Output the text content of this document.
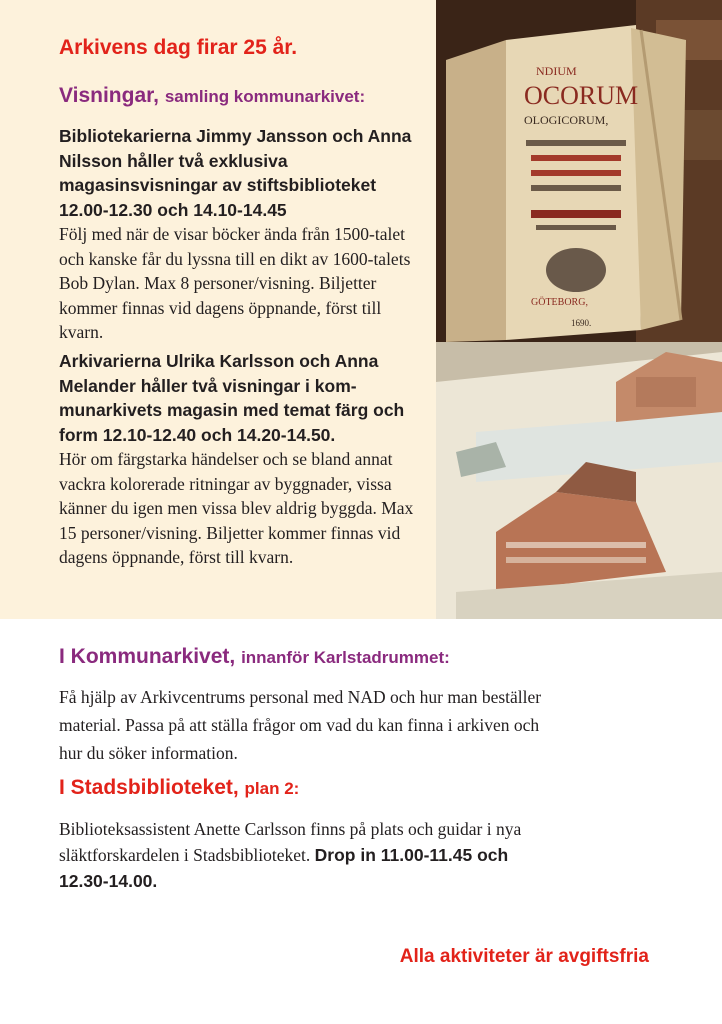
Arkivens dag firar 25 år.
Visningar, samling kommunarkivet:
Bibliotekarierna Jimmy Jansson och Anna Nilsson håller två exklusiva magasinsvisningar av stiftsbiblioteket 12.00-12.30 och 14.10-14.45
Följ med när de visar böcker ända från 1500-talet och kanske får du lyssna till en dikt av 1600-talets Bob Dylan. Max 8 personer/visning. Biljetter kommer finnas vid dagens öppnande, först till kvarn.
Arkivarierna Ulrika Karlsson och Anna Melander håller två visningar i kommunarkivets magasin med temat färg och form 12.10-12.40 och 14.20-14.50.
Hör om färgstarka händelser och se bland annat vackra kolorerade ritningar av byggnader, vissa känner du igen men vissa blev aldrig byggda. Max 15 personer/visning. Biljetter kommer finnas vid dagens öppnande, först till kvarn.
NDIUM
OCORUM
OLOGICORUM,
GÖTEBORG,
1690.
I Kommunarkivet, innanför Karlstadrummet:
Få hjälp av Arkivcentrums personal med NAD och hur man beställer material. Passa på att ställa frågor om vad du kan finna i arkiven och hur du söker information.
I Stadsbiblioteket, plan 2:
Biblioteksassistent Anette Carlsson finns på plats och guidar i nya släktforskardelen i Stadsbiblioteket. Drop in 11.00-11.45 och 12.30-14.00.

Alla aktiviteter är avgiftsfria
